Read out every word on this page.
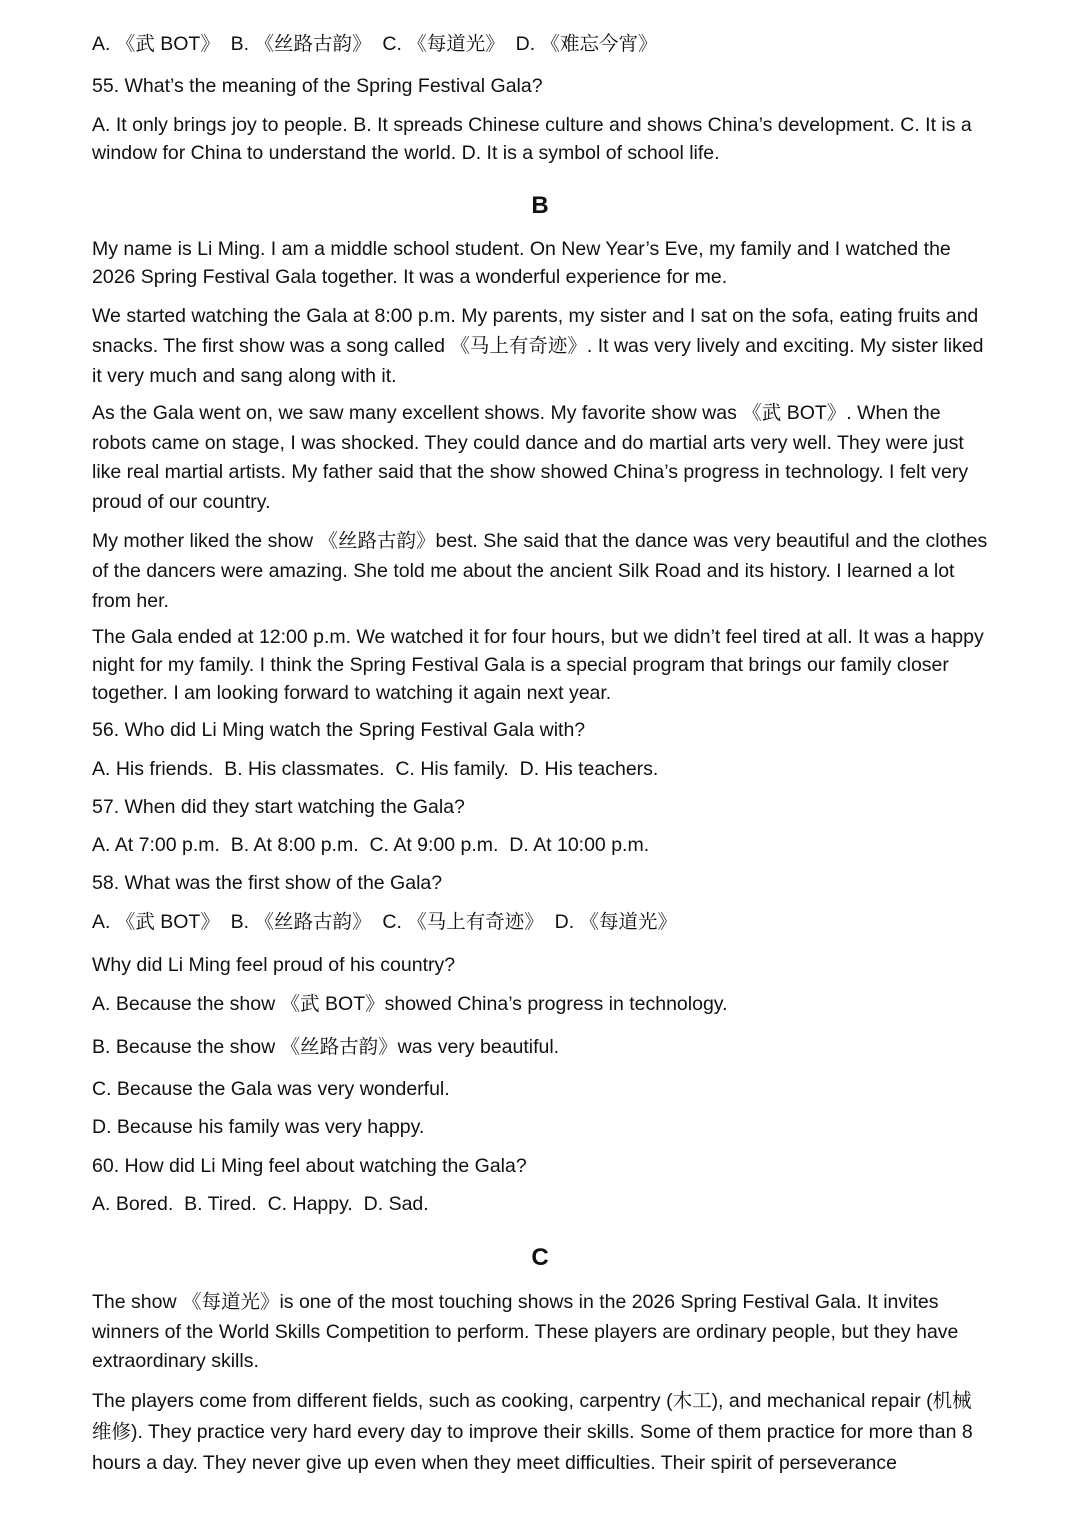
A. 《武 BOT》  B. 《丝路古韵》  C. 《每道光》  D. 《难忘今宵》

55. What’s the meaning of the Spring Festival Gala?

A. It only brings joy to people. B. It spreads Chinese culture and shows China’s development. C. It is a window for China to understand the world. D. It is a symbol of school life.

B

My name is Li Ming. I am a middle school student. On New Year’s Eve, my family and I watched the 2026 Spring Festival Gala together. It was a wonderful experience for me.

We started watching the Gala at 8:00 p.m. My parents, my sister and I sat on the sofa, eating fruits and snacks. The first show was a song called 《马上有奇迹》. It was very lively and exciting. My sister liked it very much and sang along with it.

As the Gala went on, we saw many excellent shows. My favorite show was 《武 BOT》. When the robots came on stage, I was shocked. They could dance and do martial arts very well. They were just like real martial artists. My father said that the show showed China’s progress in technology. I felt very proud of our country.

My mother liked the show 《丝路古韵》best. She said that the dance was very beautiful and the clothes of the dancers were amazing. She told me about the ancient Silk Road and its history. I learned a lot from her.

The Gala ended at 12:00 p.m. We watched it for four hours, but we didn’t feel tired at all. It was a happy night for my family. I think the Spring Festival Gala is a special program that brings our family closer together. I am looking forward to watching it again next year.

56. Who did Li Ming watch the Spring Festival Gala with?

A. His friends.  B. His classmates.  C. His family.  D. His teachers.

57. When did they start watching the Gala?

A. At 7:00 p.m.  B. At 8:00 p.m.  C. At 9:00 p.m.  D. At 10:00 p.m.

58. What was the first show of the Gala?

A. 《武 BOT》  B. 《丝路古韵》  C. 《马上有奇迹》  D. 《每道光》

Why did Li Ming feel proud of his country?

A. Because the show 《武 BOT》showed China’s progress in technology.

B. Because the show 《丝路古韵》was very beautiful.

C. Because the Gala was very wonderful.

D. Because his family was very happy.

60. How did Li Ming feel about watching the Gala?

A. Bored.  B. Tired.  C. Happy.  D. Sad.

C

The show 《每道光》is one of the most touching shows in the 2026 Spring Festival Gala. It invites winners of the World Skills Competition to perform. These players are ordinary people, but they have extraordinary skills.

The players come from different fields, such as cooking, carpentry (木工), and mechanical repair (机械维修). They practice very hard every day to improve their skills. Some of them practice for more than 8 hours a day. They never give up even when they meet difficulties. Their spirit of perseverance
